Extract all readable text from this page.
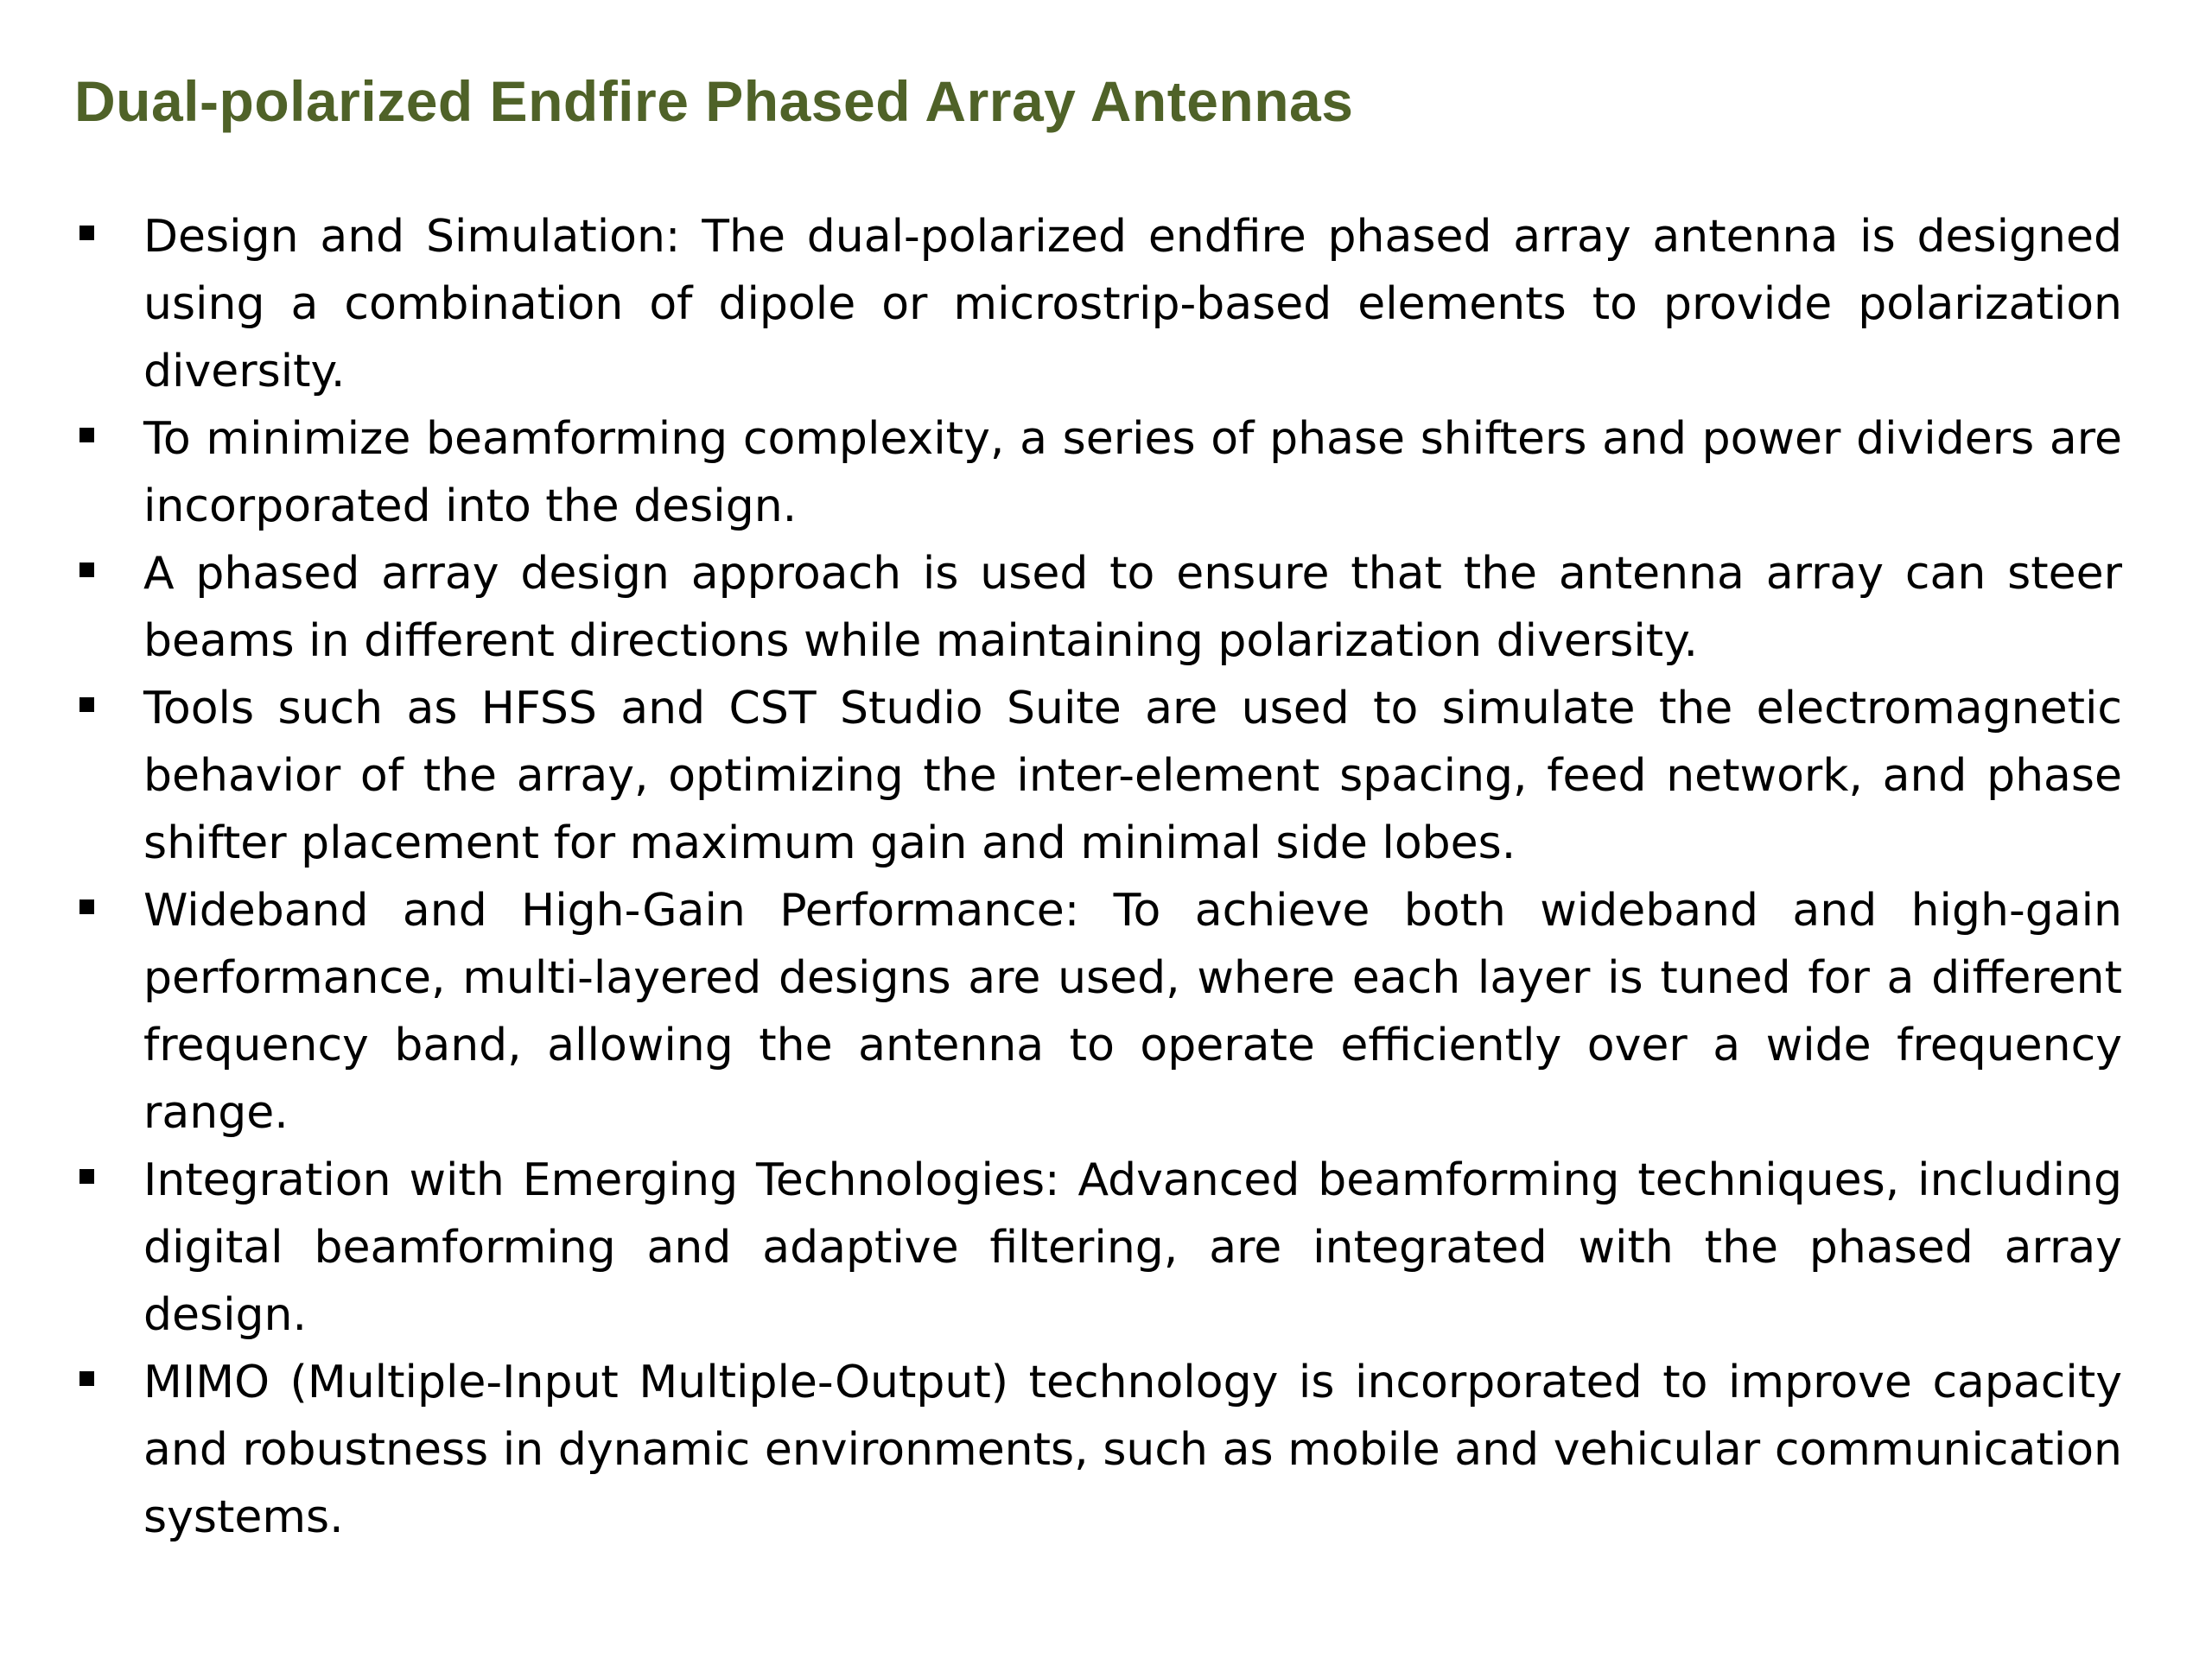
Dual-polarized Endfire Phased Array Antennas
Design and Simulation: The dual-polarized endfire phased array antenna is designed using a combination of dipole or microstrip-based elements to provide polarization diversity.
To minimize beamforming complexity, a series of phase shifters and power dividers are incorporated into the design.
A phased array design approach is used to ensure that the antenna array can steer beams in different directions while maintaining polarization diversity.
Tools such as HFSS and CST Studio Suite are used to simulate the electromagnetic behavior of the array, optimizing the inter-element spacing, feed network, and phase shifter placement for maximum gain and minimal side lobes.
Wideband and High-Gain Performance: To achieve both wideband and high-gain performance, multi-layered designs are used, where each layer is tuned for a different frequency band, allowing the antenna to operate efficiently over a wide frequency range.
Integration with Emerging Technologies: Advanced beamforming techniques, including digital beamforming and adaptive filtering, are integrated with the phased array design.
MIMO (Multiple-Input Multiple-Output) technology is incorporated to improve capacity and robustness in dynamic environments, such as mobile and vehicular communication systems.
